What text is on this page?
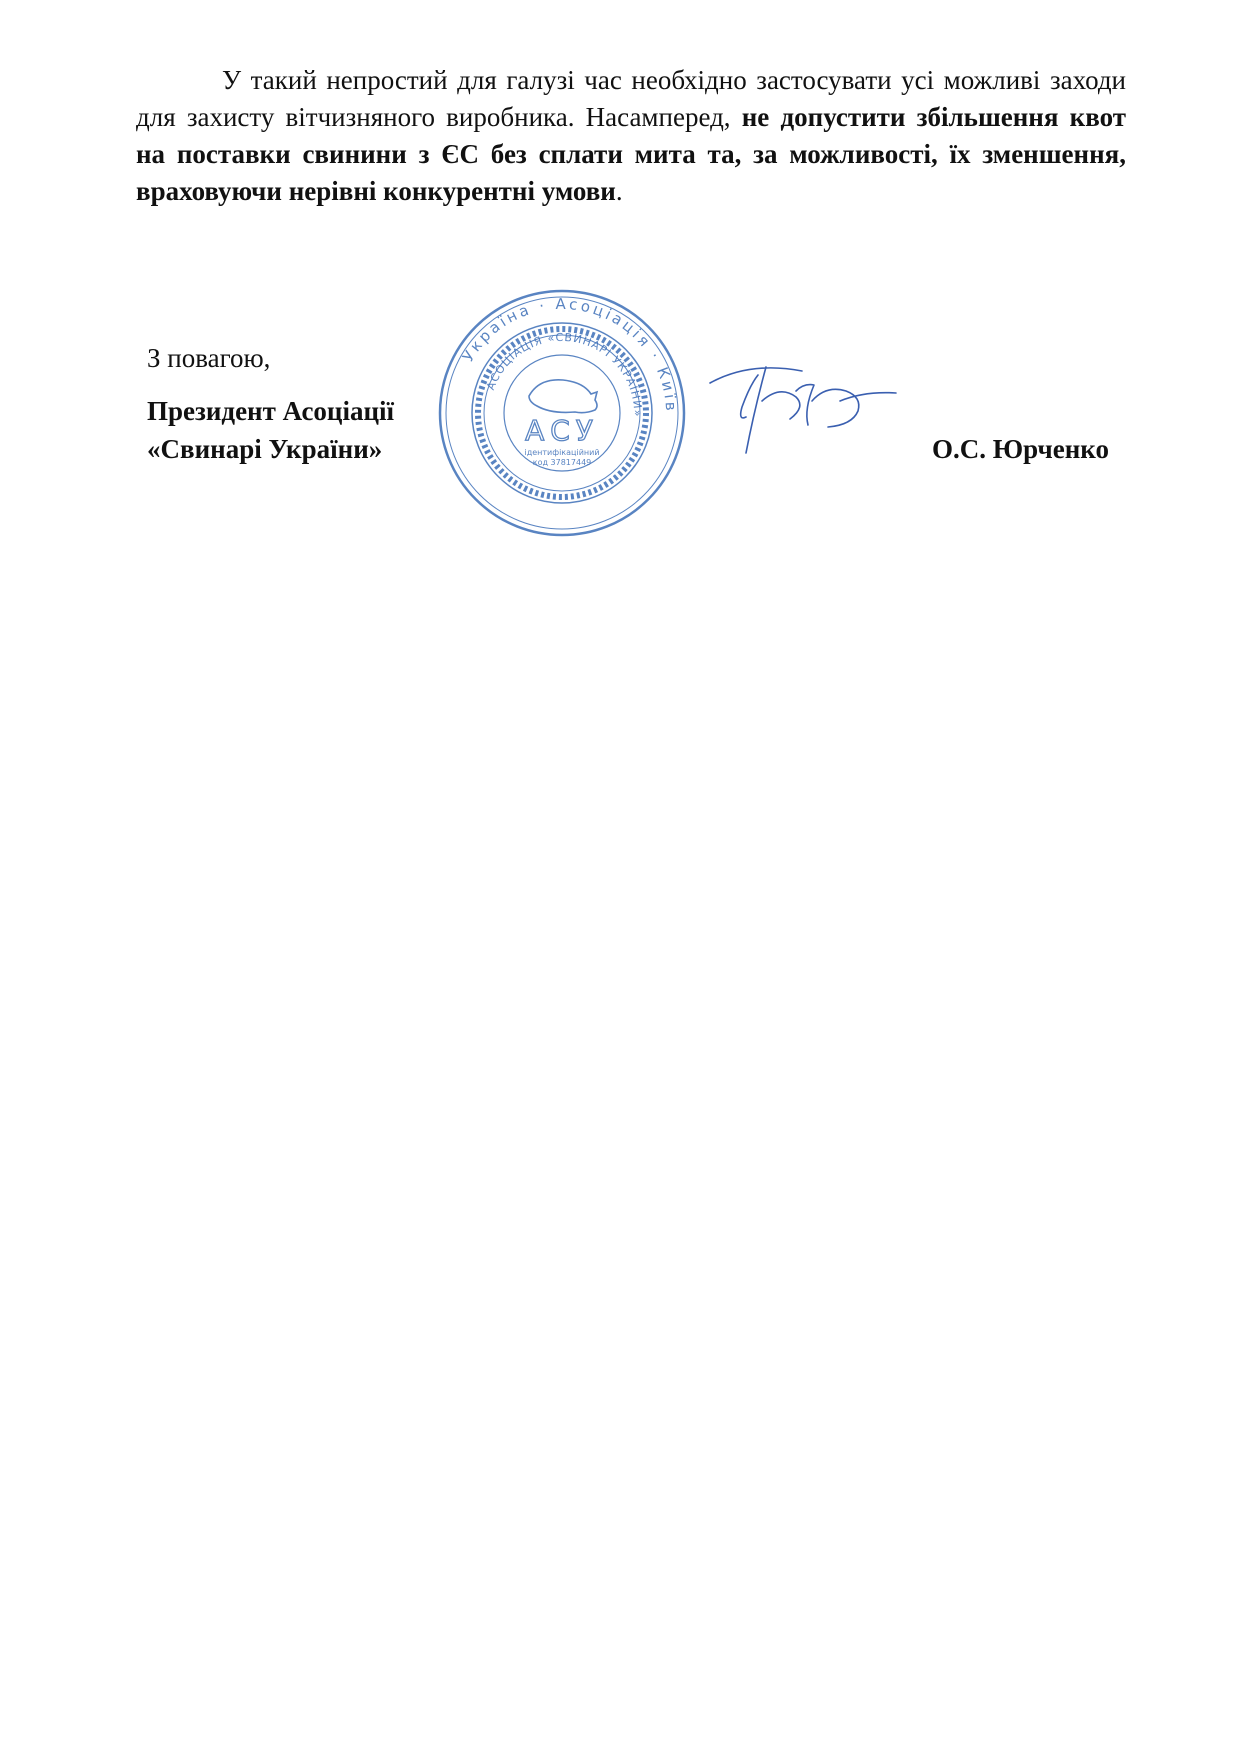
У такий непростий для галузі час необхідно застосувати усі можливі заходи для захисту вітчизняного виробника. Насамперед, не допустити збільшення квот на поставки свинини з ЄС без сплати мита та, за можливості, їх зменшення, враховуючи нерівні конкурентні умови.

З повагою,

Президент Асоціації
«Свинарі України»	О.С. Юрченко
Україна · Асоціація · Київ
АСОЦІАЦІЯ «СВИНАРІ УКРАЇНИ»
АСУ
ідентифікаційний
код 37817449
